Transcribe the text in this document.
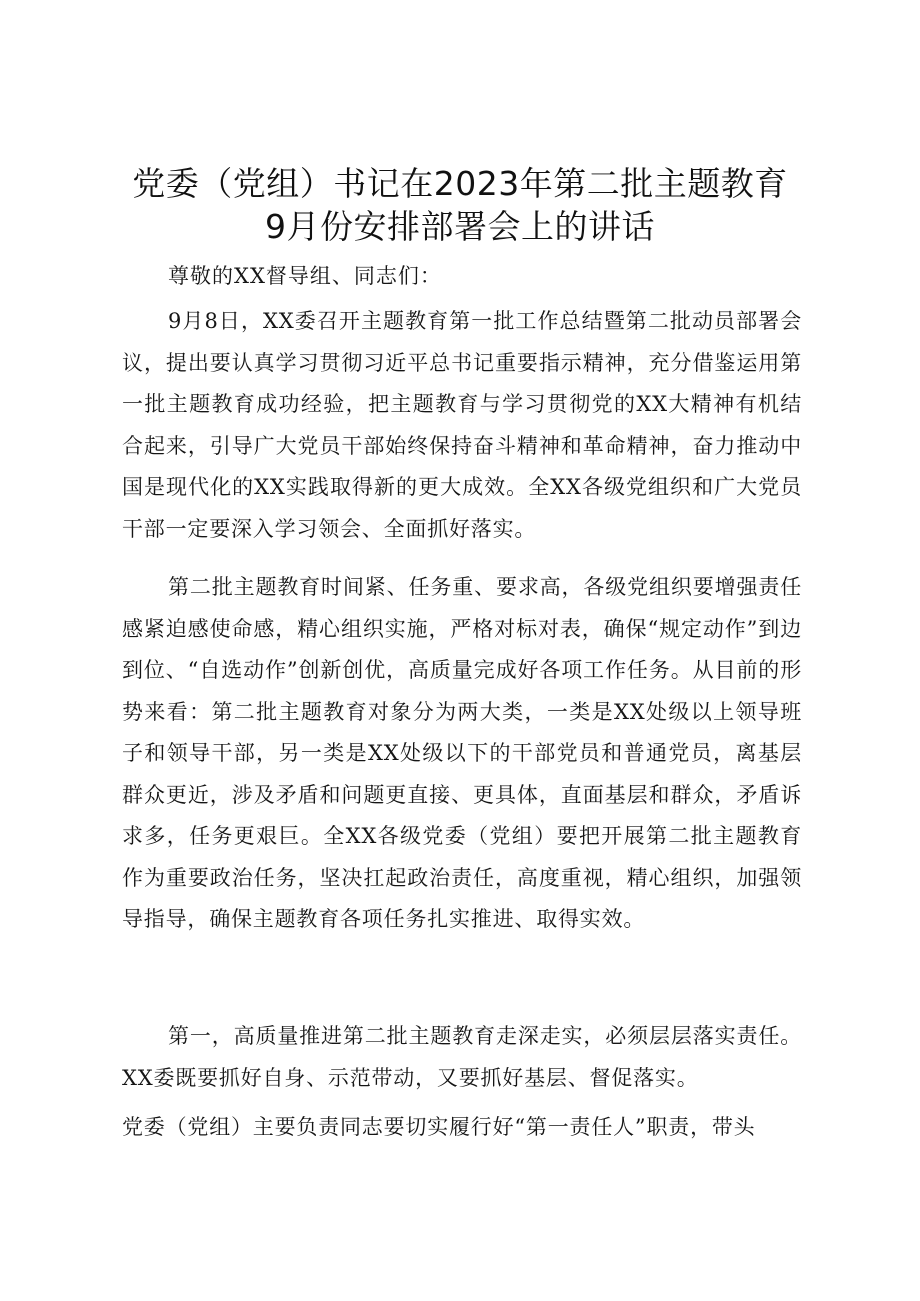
党委（党组）书记在2023年第二批主题教育
9月份安排部署会上的讲话

尊敬的XX督导组、同志们：

9月8日，XX委召开主题教育第一批工作总结暨第二批动员部署会议，提出要认真学习贯彻习近平总书记重要指示精神，充分借鉴运用第一批主题教育成功经验，把主题教育与学习贯彻党的XX大精神有机结合起来，引导广大党员干部始终保持奋斗精神和革命精神，奋力推动中国是现代化的XX实践取得新的更大成效。全XX各级党组织和广大党员干部一定要深入学习领会、全面抓好落实。

第二批主题教育时间紧、任务重、要求高，各级党组织要增强责任感紧迫感使命感，精心组织实施，严格对标对表，确保“规定动作”到边到位、“自选动作”创新创优，高质量完成好各项工作任务。从目前的形势来看：第二批主题教育对象分为两大类，一类是XX处级以上领导班子和领导干部，另一类是XX处级以下的干部党员和普通党员，离基层群众更近，涉及矛盾和问题更直接、更具体，直面基层和群众，矛盾诉求多，任务更艰巨。全XX各级党委（党组）要把开展第二批主题教育作为重要政治任务，坚决扛起政治责任，高度重视，精心组织，加强领导指导，确保主题教育各项任务扎实推进、取得实效。

第一，高质量推进第二批主题教育走深走实，必须层层落实责任。XX委既要抓好自身、示范带动，又要抓好基层、督促落实。

党委（党组）主要负责同志要切实履行好“第一责任人”职责，带头
